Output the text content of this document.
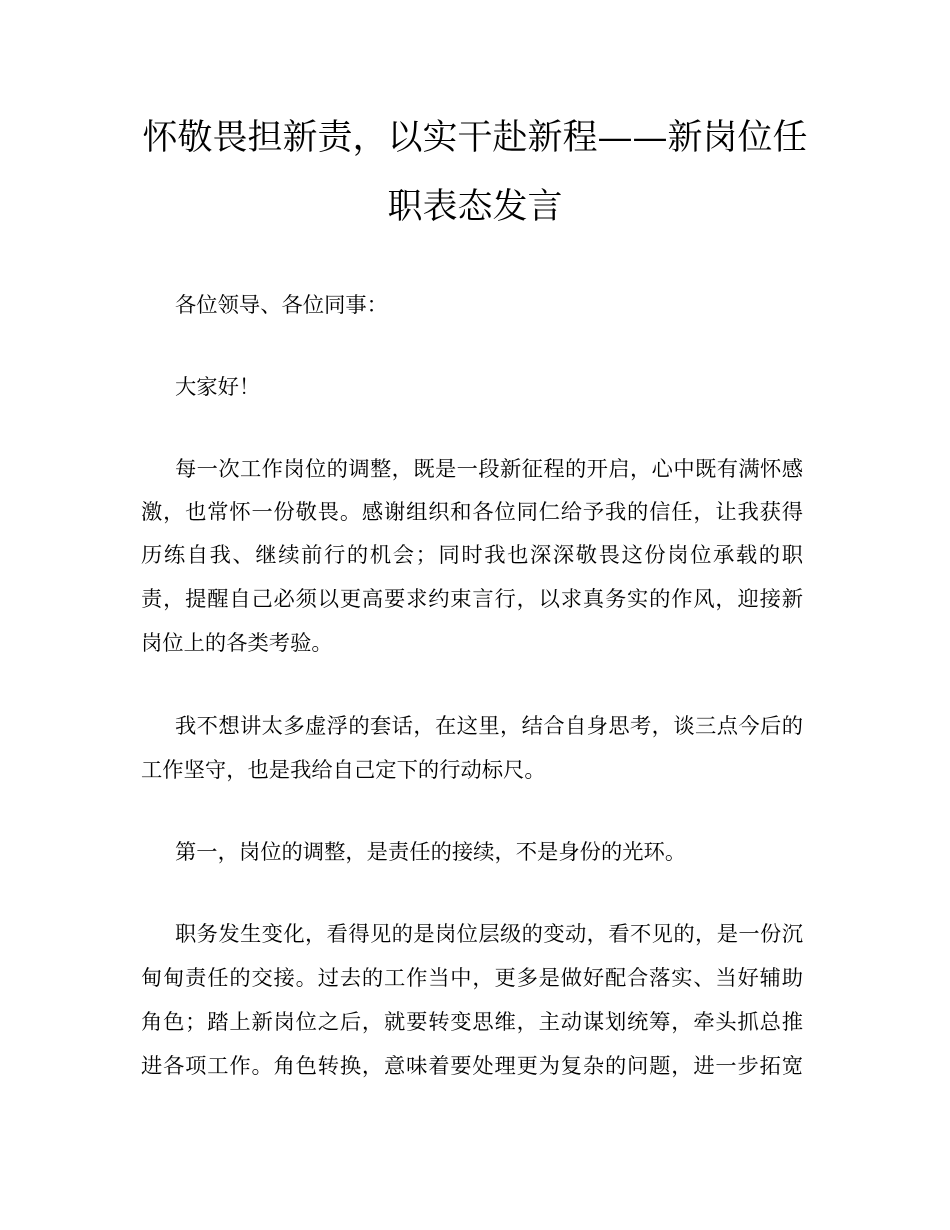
怀敬畏担新责，以实干赴新程——新岗位任
职表态发言

各位领导、各位同事：

大家好！

每一次工作岗位的调整，既是一段新征程的开启，心中既有满怀感

激，也常怀一份敬畏。感谢组织和各位同仁给予我的信任，让我获得

历练自我、继续前行的机会；同时我也深深敬畏这份岗位承载的职

责，提醒自己必须以更高要求约束言行，以求真务实的作风，迎接新

岗位上的各类考验。

我不想讲太多虚浮的套话，在这里，结合自身思考，谈三点今后的

工作坚守，也是我给自己定下的行动标尺。

第一，岗位的调整，是责任的接续，不是身份的光环。

职务发生变化，看得见的是岗位层级的变动，看不见的，是一份沉

甸甸责任的交接。过去的工作当中，更多是做好配合落实、当好辅助

角色；踏上新岗位之后，就要转变思维，主动谋划统筹，牵头抓总推

进各项工作。角色转换，意味着要处理更为复杂的问题，进一步拓宽
